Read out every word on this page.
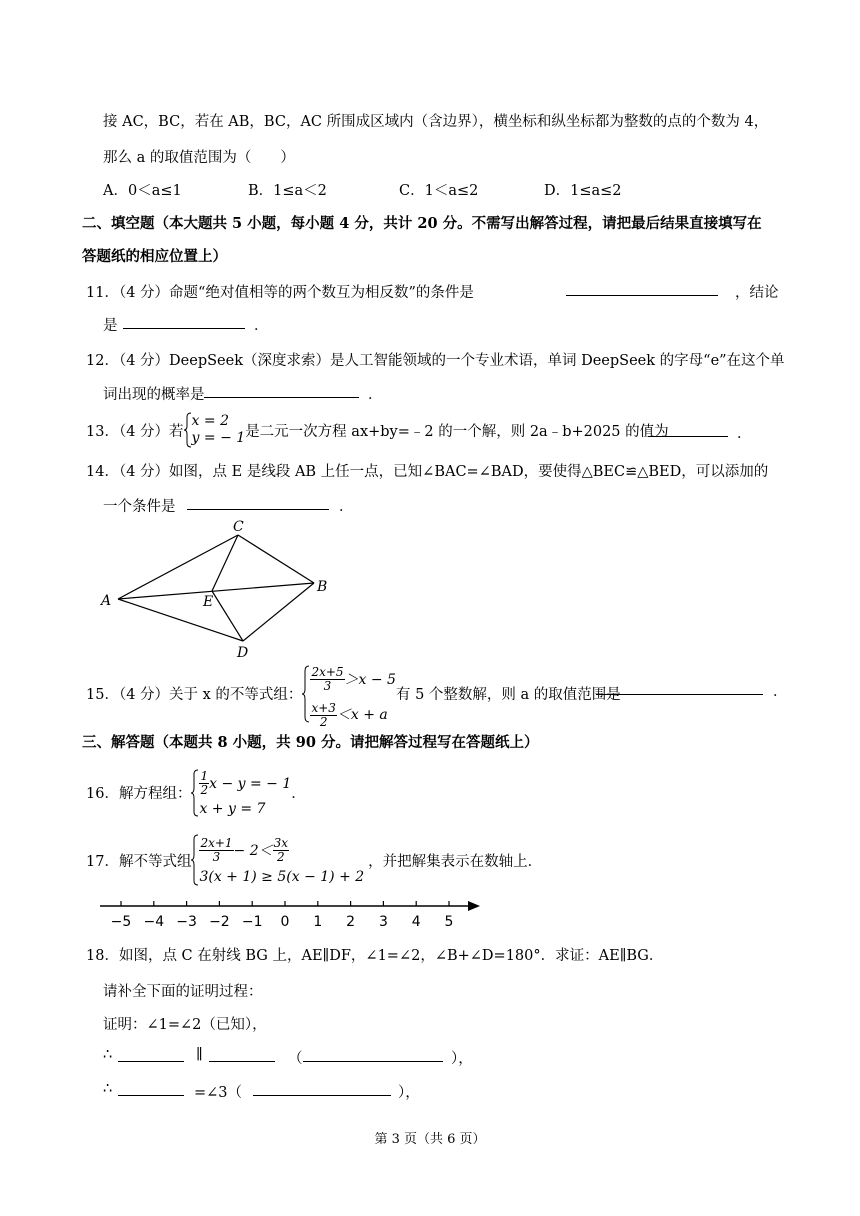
接 AC，BC，若在 AB，BC，AC 所围成区域内（含边界），横坐标和纵坐标都为整数的点的个数为 4，
那么 a 的取值范围为（　　）
A．0＜a≤1	B．1≤a＜2	C．1＜a≤2	D．1≤a≤2
二、填空题（本大题共 5 小题，每小题 4 分，共计 20 分。不需写出解答过程，请把最后结果直接填写在
答题纸的相应位置上）
11．（4 分）命题“绝对值相等的两个数互为相反数”的条件是	，结论
是	．
12．（4 分）DeepSeek（深度求索）是人工智能领域的一个专业术语，单词 DeepSeek 的字母“e”在这个单
词出现的概率是	．
13．（4 分）若
x = 2
y = − 1 是二元一次方程 ax+by=﹣2 的一个解，则 2a﹣b+2025 的值为	．
14．（4 分）如图，点 E 是线段 AB 上任一点，已知∠BAC=∠BAD，要使得△BEC≌△BED，可以添加的
一个条件是	．
C
B
A	E
D
15．（4 分）关于 x 的不等式组：
$\frac{2x+5}{3} >x - 5$

$\frac{x+3}{2} <x + a$
有 5 个整数解，则 a 的取值范围是	．
三、解答题（本题共 8 小题，共 90 分。请把解答过程写在答题纸上）
16．解方程组： $\frac{1}{2}$ x − y = − 1

x + y = 7
．
17．解不等式组 $\frac{2x+1}{3} - 2< \frac{3x}{2}$

3(x + 1) ≥ 5(x − 1) + 2
，并把解集表示在数轴上．
−5 −4 −3 −2 −1 0 1 2 3 4 5
18．如图，点 C 在射线 BG 上，AE∥DF，∠1=∠2，∠B+∠D=180°．求证：AE∥BG．
请补全下面的证明过程：
证明：∠1=∠2（已知），
∴	∥	（	），
∴	=∠3（	），
第 3 页（共 6 页）
